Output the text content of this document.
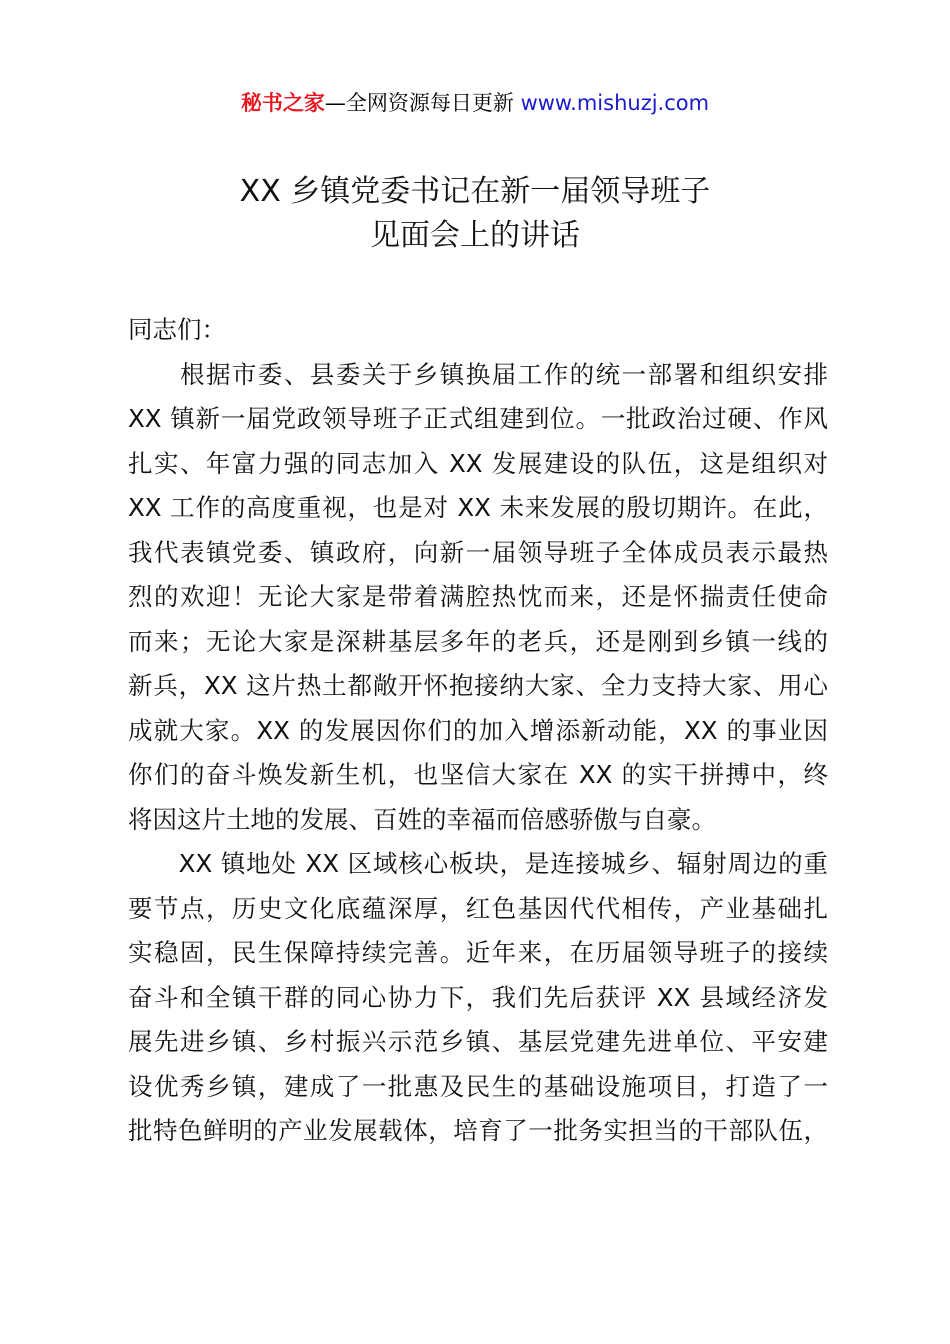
秘书之家—全网资源每日更新 www.mishuzj.com
XX 乡镇党委书记在新一届领导班子
见面会上的讲话
同志们：

　　根据市委、县委关于乡镇换届工作的统一部署和组织安排
XX 镇新一届党政领导班子正式组建到位。一批政治过硬、作风
扎实、年富力强的同志加入 XX 发展建设的队伍，这是组织对
XX 工作的高度重视，也是对 XX 未来发展的殷切期许。在此，
我代表镇党委、镇政府，向新一届领导班子全体成员表示最热
烈的欢迎！无论大家是带着满腔热忱而来，还是怀揣责任使命
而来；无论大家是深耕基层多年的老兵，还是刚到乡镇一线的
新兵，XX 这片热土都敞开怀抱接纳大家、全力支持大家、用心
成就大家。XX 的发展因你们的加入增添新动能，XX 的事业因
你们的奋斗焕发新生机，也坚信大家在 XX 的实干拼搏中，终
将因这片土地的发展、百姓的幸福而倍感骄傲与自豪。

　　XX 镇地处 XX 区域核心板块，是连接城乡、辐射周边的重
要节点，历史文化底蕴深厚，红色基因代代相传，产业基础扎
实稳固，民生保障持续完善。近年来，在历届领导班子的接续
奋斗和全镇干群的同心协力下，我们先后获评 XX 县域经济发
展先进乡镇、乡村振兴示范乡镇、基层党建先进单位、平安建
设优秀乡镇，建成了一批惠及民生的基础设施项目，打造了一
批特色鲜明的产业发展载体，培育了一批务实担当的干部队伍，
